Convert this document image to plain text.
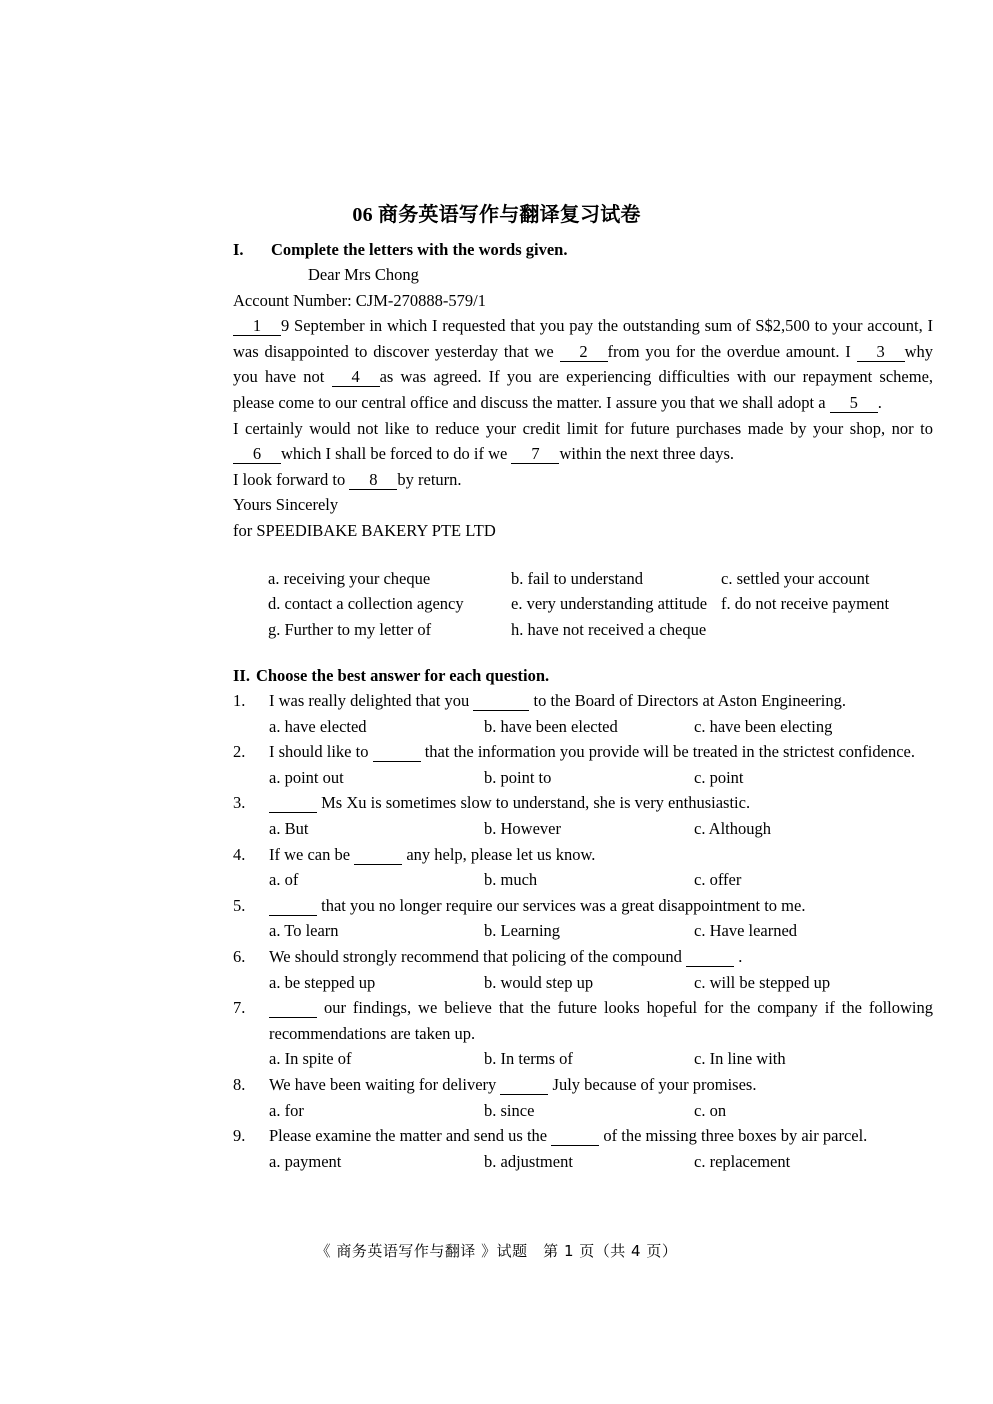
06 商务英语写作与翻译复习试卷
I.	Complete the letters with the words given.

Dear Mrs Chong

Account Number: CJM-270888-579/1

1 9 September in which I requested that you pay the outstanding sum of S$2,500 to your account, I was disappointed to discover yesterday that we 2 from you for the overdue amount. I 3 why you have not 4 as was agreed. If you are experiencing difficulties with our repayment scheme, please come to our central office and discuss the matter. I assure you that we shall adopt a 5 .

I certainly would not like to reduce your credit limit for future purchases made by your shop, nor to 6 which I shall be forced to do if we 7 within the next three days.

I look forward to 8 by return.

Yours Sincerely

for SPEEDIBAKE BAKERY PTE LTD

a. receiving your cheque	b. fail to understand	c. settled your account
d. contact a collection agency	e. very understanding attitude f. do not receive payment
g. Further to my letter of	h. have not received a cheque
II. Choose the best answer for each question.
1.	I was really delighted that you	to the Board of Directors at Aston Engineering.
a. have elected	b. have been elected	c. have been electing
2.	I should like to	that the information you provide will be treated in the strictest confidence.
a. point out	b. point to	c. point
3.	Ms Xu is sometimes slow to understand, she is very enthusiastic.
a. But	b. However	c. Although
4.	If we can be	any help, please let us know.
a. of	b. much	c. offer
5.	that you no longer require our services was a great disappointment to me.
a. To learn	b. Learning	c. Have learned
6.	We should strongly recommend that policing of the compound	.
a. be stepped up	b. would step up	c. will be stepped up
7.	our findings, we believe that the future looks hopeful for the company if the following recommendations are taken up.
a. In spite of	b. In terms of	c. In line with
8.	We have been waiting for delivery	July because of your promises.
a. for	b. since	c. on
9.	Please examine the matter and send us the	of the missing three boxes by air parcel.
a. payment	b. adjustment	c. replacement
《 商务英语写作与翻译 》试题　第 1 页（共 4 页）
